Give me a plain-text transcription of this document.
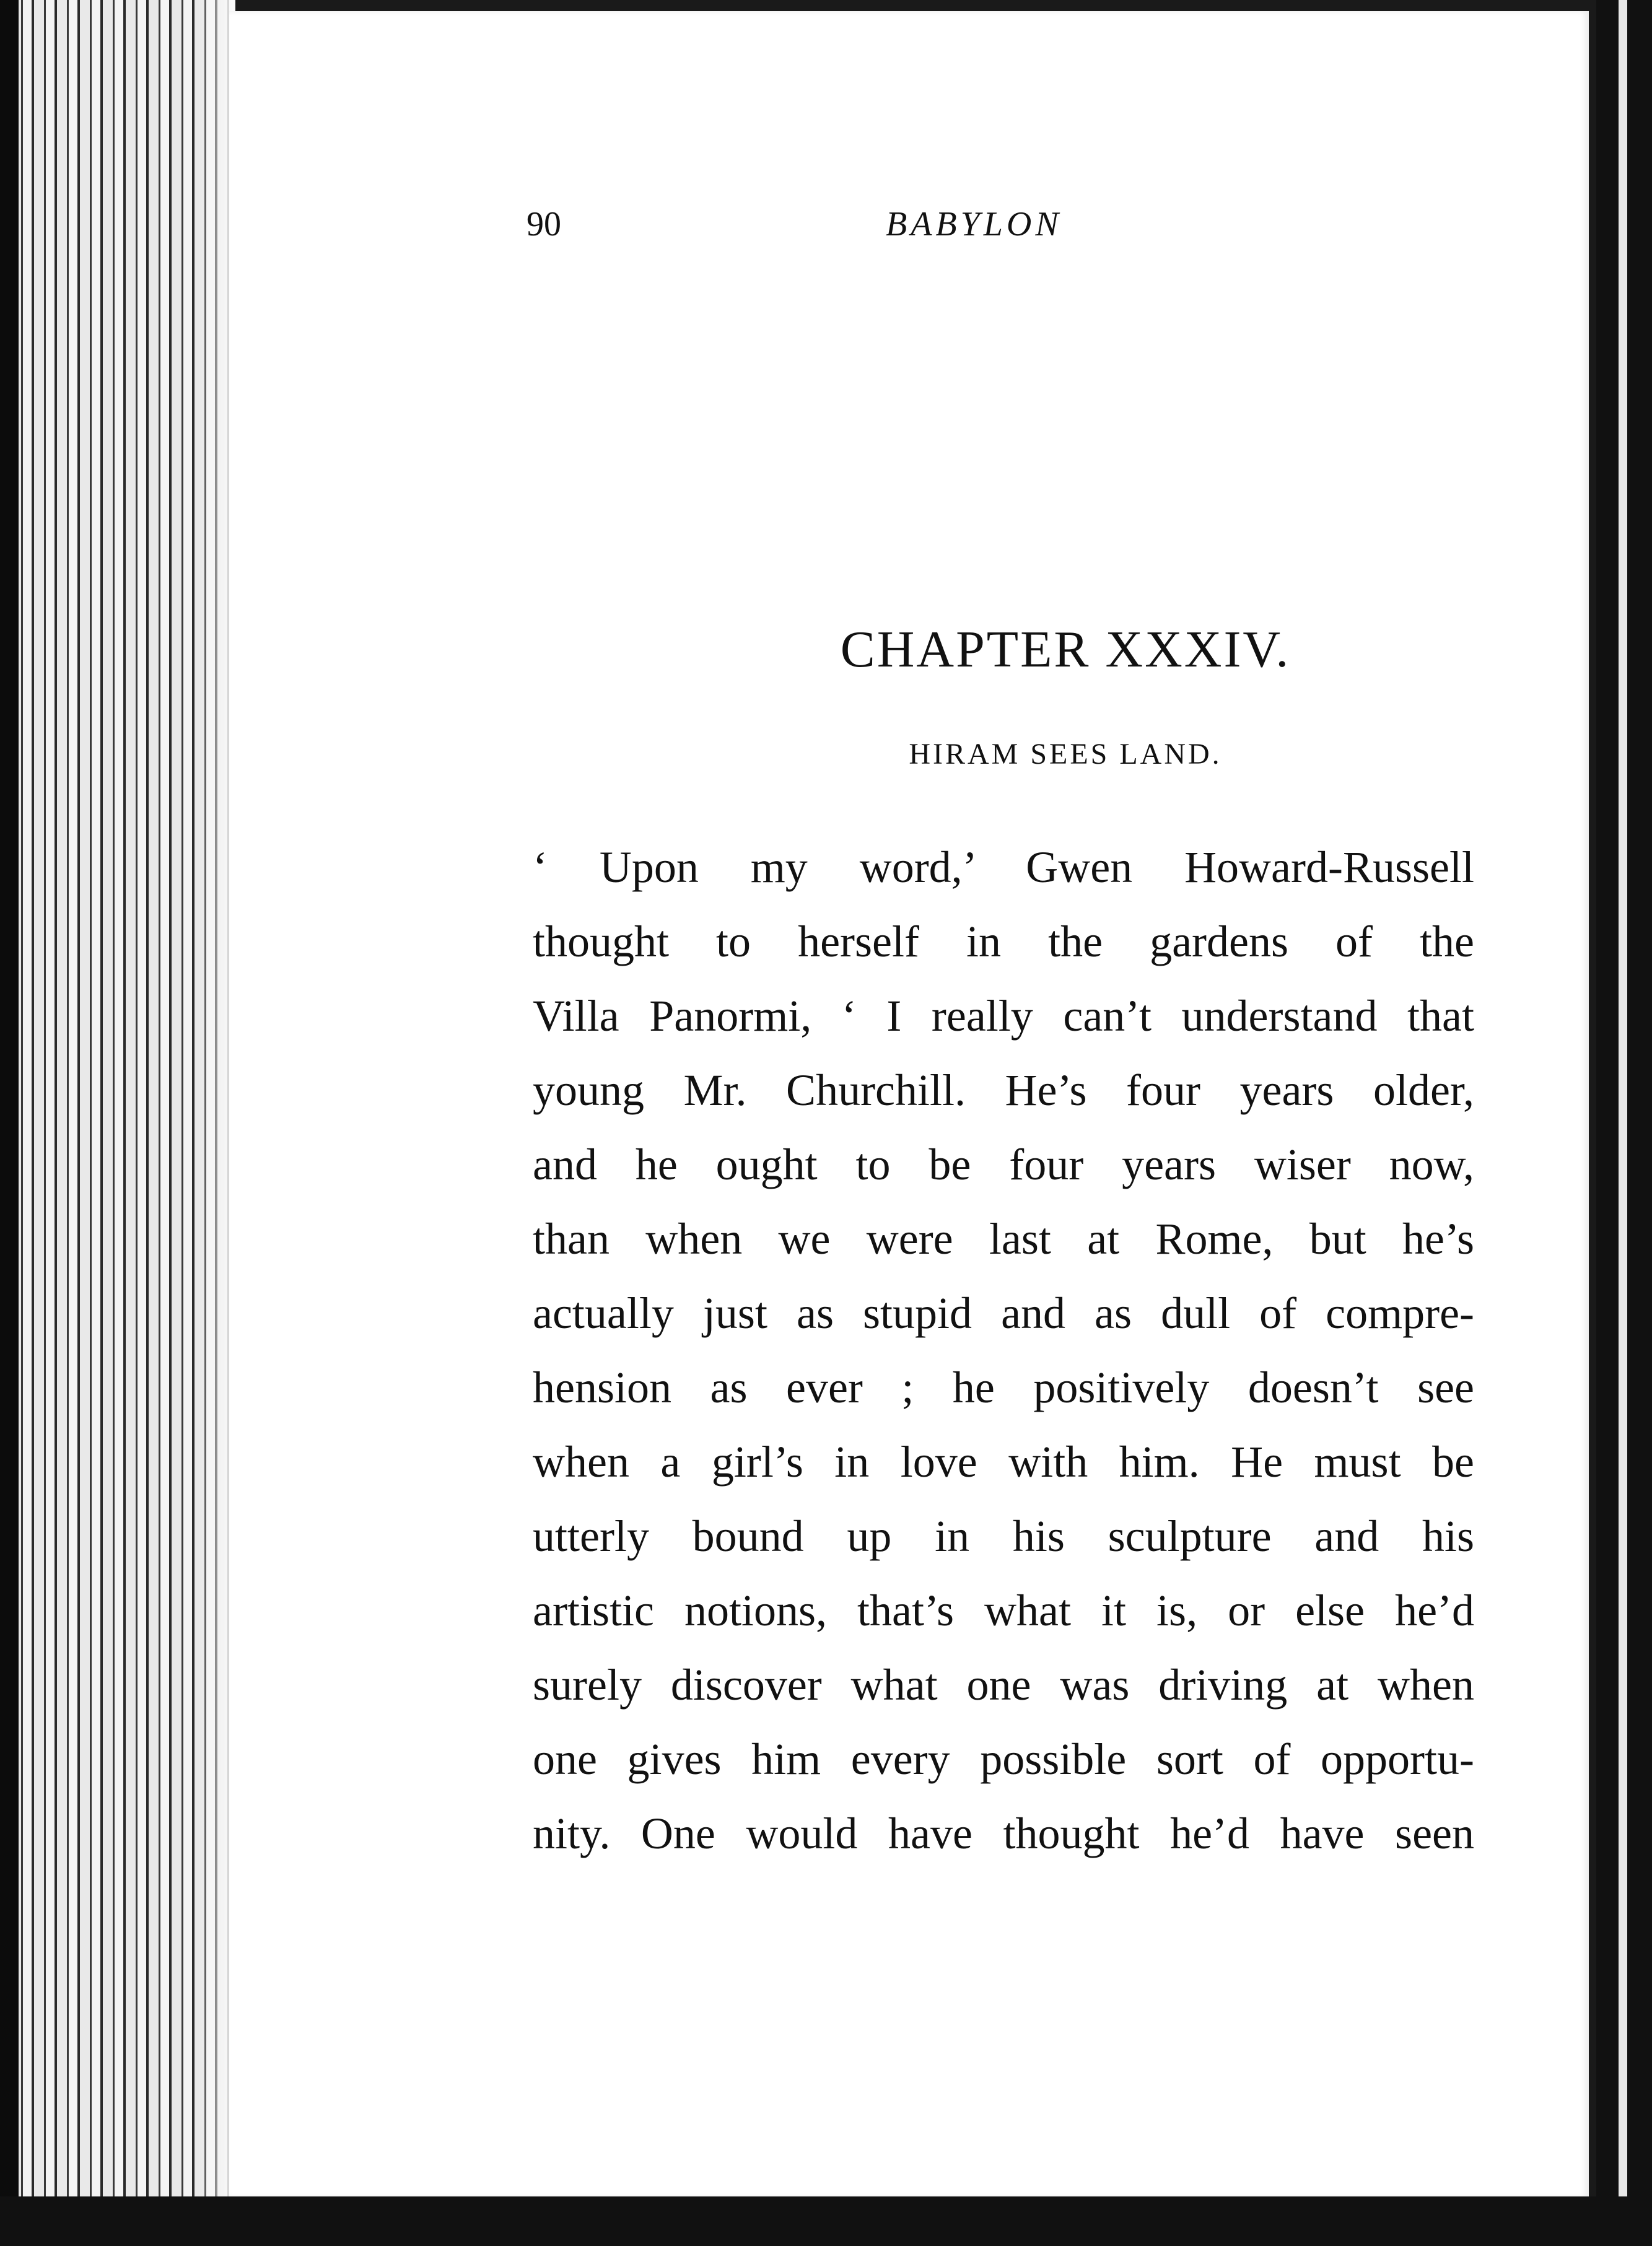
90	BABYLON
CHAPTER XXXIV.
HIRAM SEES LAND.
‘ Upon my word,’ Gwen Howard-Russell
thought to herself in the gardens of the
Villa Panormi, ‘ I really can’t understand that
young Mr. Churchill. He’s four years older,
and he ought to be four years wiser now,
than when we were last at Rome, but he’s
actually just as stupid and as dull of compre-
hension as ever ; he positively doesn’t see
when a girl’s in love with him. He must be
utterly bound up in his sculpture and his
artistic notions, that’s what it is, or else he’d
surely discover what one was driving at when
one gives him every possible sort of opportu-
nity. One would have thought he’d have seen
